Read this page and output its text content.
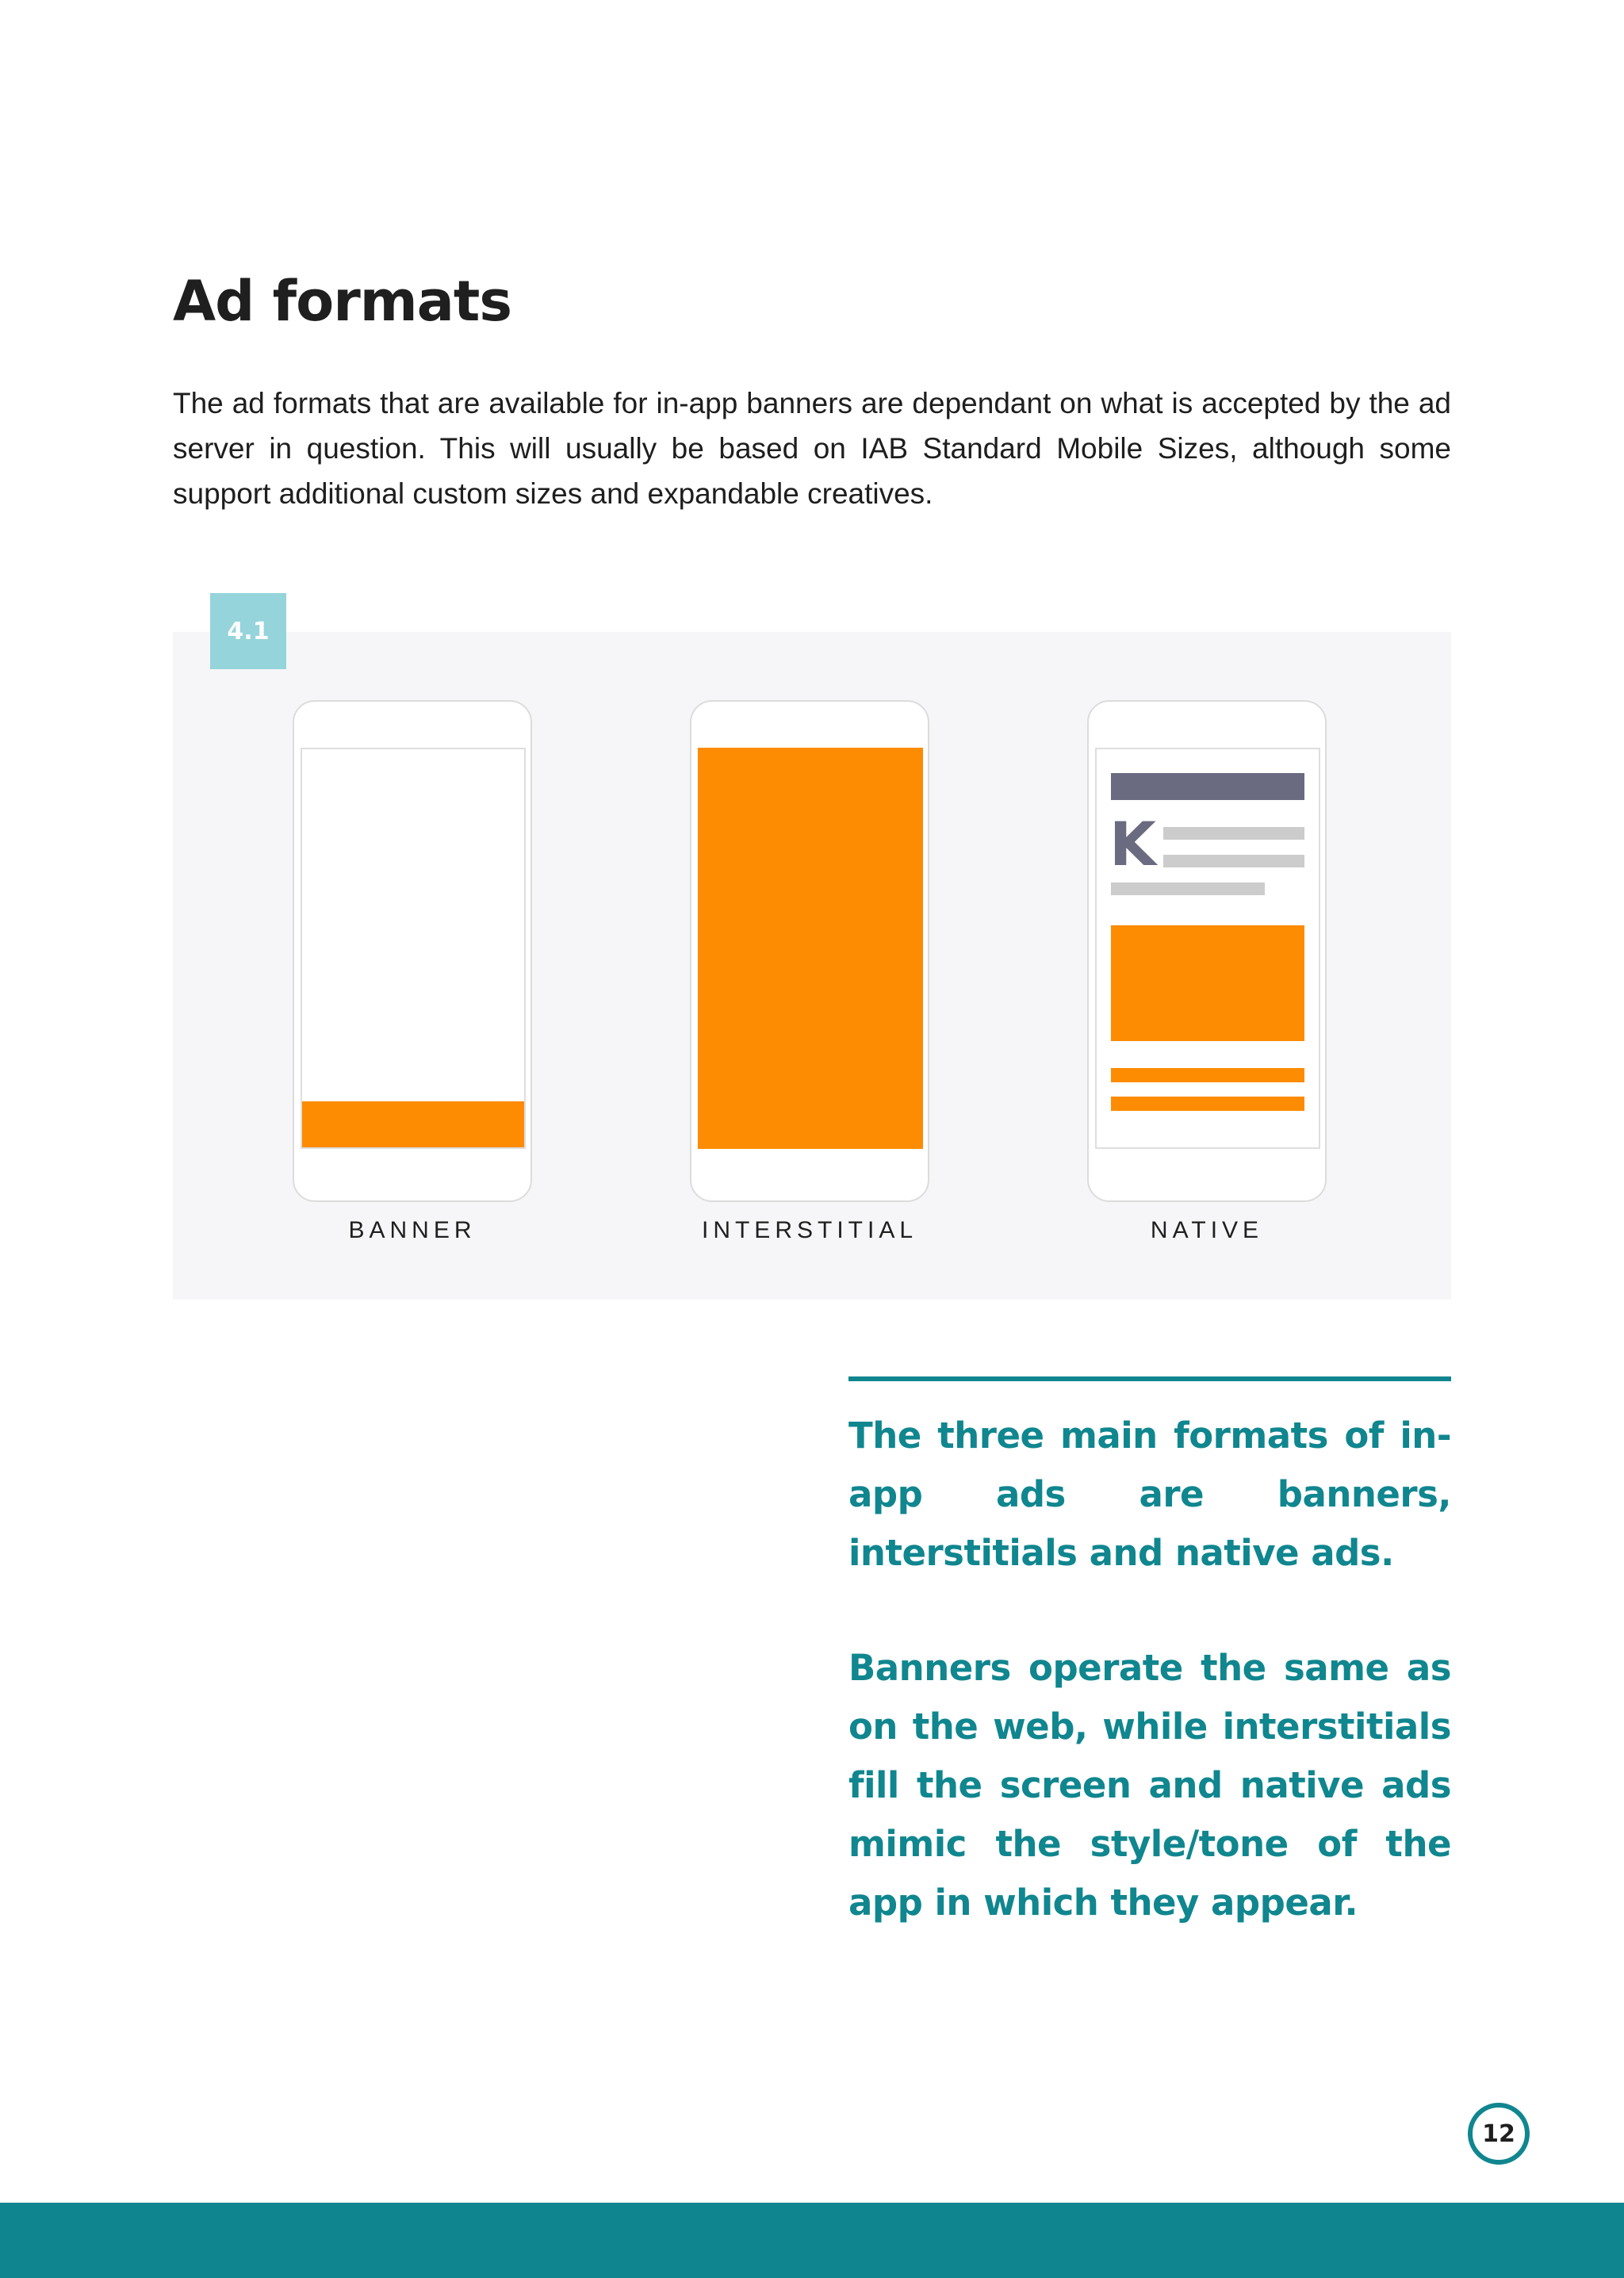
Ad formats

The ad formats that are available for in-app banners are dependant on what is accepted by the ad server in question. This will usually be based on IAB Standard Mobile Sizes, although some support additional custom sizes and expandable creatives.

4.1

BANNER	INTERSTITIAL

K

NATIVE

The three main formats of in-app ads are banners, interstitials and native ads.

Banners operate the same as on the web, while interstitials fill the screen and native ads mimic the style/tone of the app in which they appear.

12
